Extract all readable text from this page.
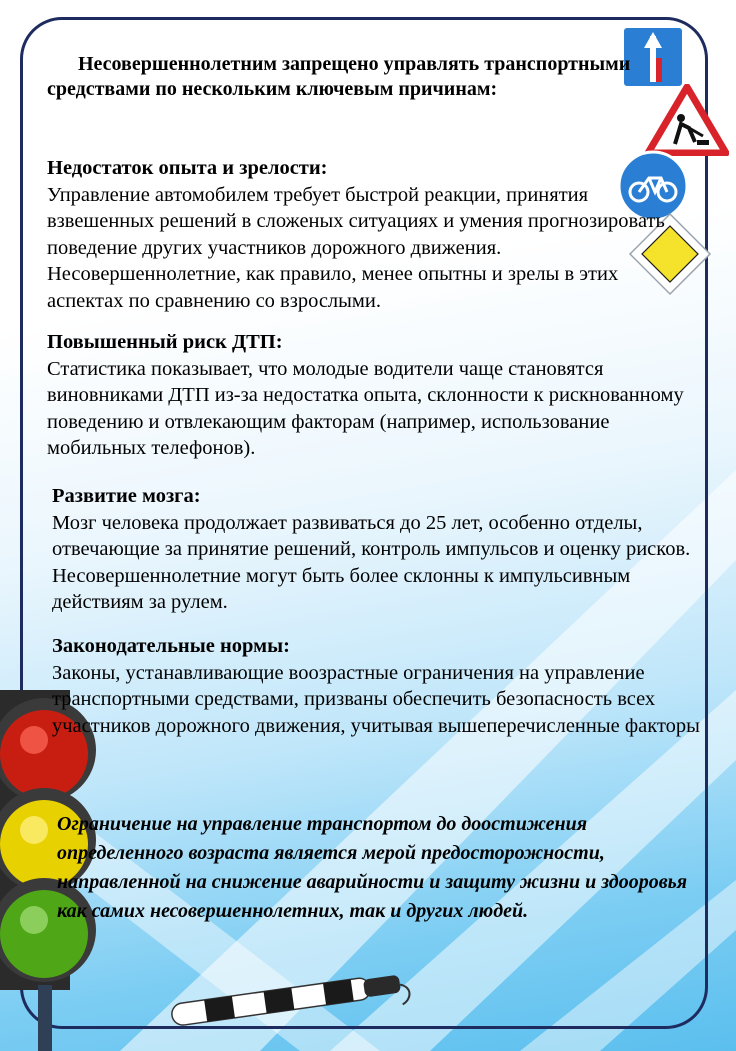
Несовершеннолетним запрещено управлять транспортными средствами по нескольким ключевым причинам:
Недостаток опыта и зрелости:
Управление автомобилем требует быстрой реакции, принятия взвешенных решений в сложеных ситуациях и умения прогнозировать поведение других участников дорожного движения. Несовершеннолетние, как правило, менее опытны и зрелы в этих аспектах по сравнению со взрослыми.
Повышенный риск ДТП:
Статистика показывает, что молодые водители чаще становятся виновниками ДТП из-за недостатка опыта, склонности к рискнованному поведению и отвлекающим факторам (например, использование мобильных телефонов).
Развитие мозга:
Мозг человека продолжает развиваться до 25 лет, особенно отделы, отвечающие за принятие решений, контроль импульсов и оценку рисков. Несовершеннолетние могут быть более склонны к импульсивным действиям за рулем.
Законодательные нормы:
Законы, устанавливающие воозрастные ограничения на управление транспортными средствами, призваны обеспечить безопасность всех участников дорожного движения, учитывая вышеперечисленные факторы
Ограничение на управление транспортом до доостижения определенного возраста является мерой предосторожности, направленной на снижение аварийности и защиту жизни и здооровья как самих несовершеннолетних, так и других людей.
